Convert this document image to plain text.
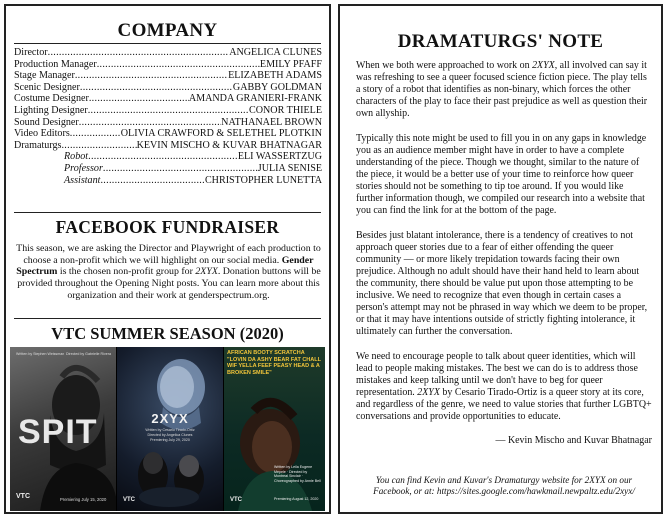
COMPANY
Director .....	ANGELICA CLUNES
Production Manager .....	EMILY PFAFF
Stage Manager .....	ELIZABETH ADAMS
Scenic Designer .....	GABBY GOLDMAN
Costume Designer .....	AMANDA GRANIERI-FRANK
Lighting Designer .....	CONOR THIELE
Sound Designer .....	NATHANAEL BROWN
Video Editors .....	OLIVIA CRAWFORD & SELETHEL PLOTKIN
Dramaturgs .....	KEVIN MISCHO & KUVAR BHATNAGAR
Robot .....	ELI WASSERTZUG
Professor .....	JULIA SENISE
Assistant .....	CHRISTOPHER LUNETTA
FACEBOOK FUNDRAISER
This season, we are asking the Director and Playwright of each production to choose a non-profit which we will highlight on our social media. Gender Spectrum is the chosen non-profit group for 2XYX. Donation buttons will be provided throughout the Opening Night posts. You can learn more about this organization and their work at genderspectrum.org.
VTC SUMMER SEASON (2020)
Written by Stephen Weissman Directed by Gabrielle Rivera
SPIT
Premiering July 15, 2020
VTC
2XYX
Written by Cesario Tirado-Ortiz
Directed by Angelica Clunes
Premiering July 29, 2020
VTC
AFRICAN BOOTY SCRATCHA "LOVIN DA ASHY BEAR FAT CHALL WIF YELLA FEEF PEASY HEAD & A BROKEN SMILE"
Written by Leila Eugene Mepele · Directed by Montreal Sinclair · Choreographed by Annie Bell
Premiering August 12, 2020
VTC
DRAMATURGS' NOTE

When we both were approached to work on 2XYX, all involved can say it was refreshing to see a queer focused science fiction piece. The play tells a story of a robot that identifies as non-binary, which forces the other characters of the play to face their past prejudice as well as question their own allyship.

Typically this note might be used to fill you in on any gaps in knowledge you as an audience member might have in order to have a complete understanding of the piece. Though we thought, similar to the nature of the piece, it would be a better use of your time to reinforce how queer stories should not be something to tip toe around. If you would like further information though, we compiled our research into a website that you can find the link for at the bottom of the page.

Besides just blatant intolerance, there is a tendency of creatives to not approach queer stories due to a fear of either offending the queer community — or more likely trepidation towards facing their own prejudice. Although no adult should have their hand held to learn about the community, there should be value put upon those attempting to be inclusive. We need to recognize that even though in certain cases a person's attempt may not be phrased in way which we deem to be proper, or that it may have intentions outside of strictly fighting intolerance, it ultimately can further the conversation.

We need to encourage people to talk about queer identities, which will lead to people making mistakes. The best we can do is to address those mistakes and keep talking until we don't have to beg for queer representation. 2XYX by Cesario Tirado-Ortiz is a queer story at its core, and regardless of the genre, we need to value stories that further LGBTQ+ conversations and provide opportunities to educate.

— Kevin Mischo and Kuvar Bhatnagar
You can find Kevin and Kuvar's Dramaturgy website for 2XYX on our Facebook, or at: https://sites.google.com/hawkmail.newpaltz.edu/2xyx/
